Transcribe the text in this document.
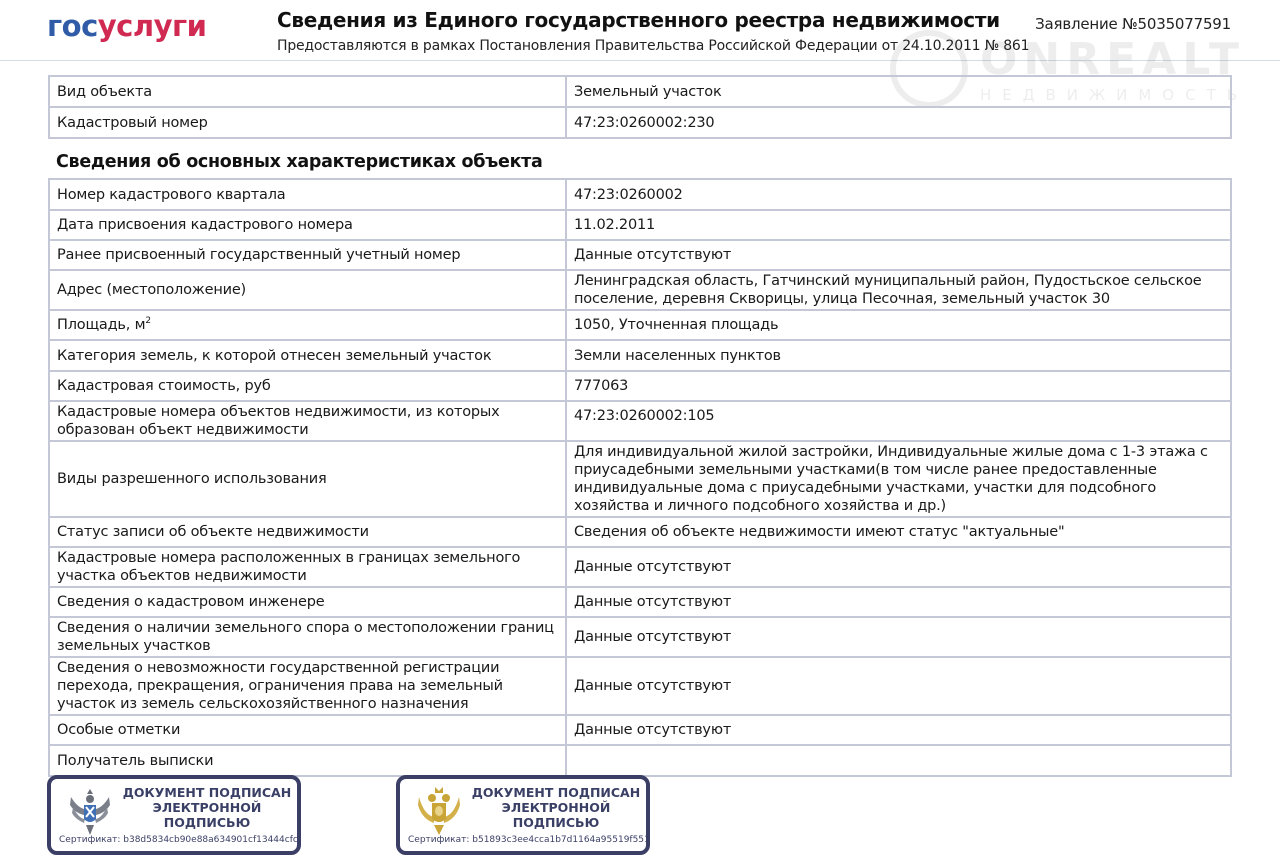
госуслуги	Сведения из Единого государственного реестра недвижимости
Предоставляются в рамках Постановления Правительства Российской Федерации от 24.10.2011 № 861
Заявление №5035077591
ONREALT
НЕДВИЖИМОСТЬ
Вид объекта	Земельный участок
Кадастровый номер	47:23:0260002:230
Сведения об основных характеристиках объекта
Номер кадастрового квартала	47:23:0260002
Дата присвоения кадастрового номера	11.02.2011
Ранее присвоенный государственный учетный номер	Данные отсутствуют
Адрес (местоположение)	Ленинградская область, Гатчинский муниципальный район, Пудостьское сельское поселение, деревня Скворицы, улица Песочная, земельный участок 30
Площадь, $м^2$	1050, Уточненная площадь
Категория земель, к которой отнесен земельный участок	Земли населенных пунктов
Кадастровая стоимость, руб	777063
Кадастровые номера объектов недвижимости, из которых образован объект недвижимости	47:23:0260002:105
Виды разрешенного использования	Для индивидуальной жилой застройки, Индивидуальные жилые дома с 1-3 этажа с приусадебными земельными участками(в том числе ранее предоставленные индивидуальные дома с приусадебными участками, участки для подсобного хозяйства и личного подсобного хозяйства и др.)
Статус записи об объекте недвижимости	Сведения об объекте недвижимости имеют статус "актуальные"
Кадастровые номера расположенных в границах земельного участка объектов недвижимости	Данные отсутствуют
Сведения о кадастровом инженере	Данные отсутствуют
Сведения о наличии земельного спора о местоположении границ земельных участков	Данные отсутствуют
Сведения о невозможности государственной регистрации перехода, прекращения, ограничения права на земельный участок из земель сельскохозяйственного назначения	Данные отсутствуют
Особые отметки	Данные отсутствуют
Получатель выписки	
ДОКУМЕНТ ПОДПИСАН ЭЛЕКТРОННОЙ ПОДПИСЬЮ
Сертификат: b38d5834cb90e88a634901cf13444cfc
ДОКУМЕНТ ПОДПИСАН ЭЛЕКТРОННОЙ ПОДПИСЬЮ
Сертификат: b51893c3ee4cca1b7d1164a95519f551
